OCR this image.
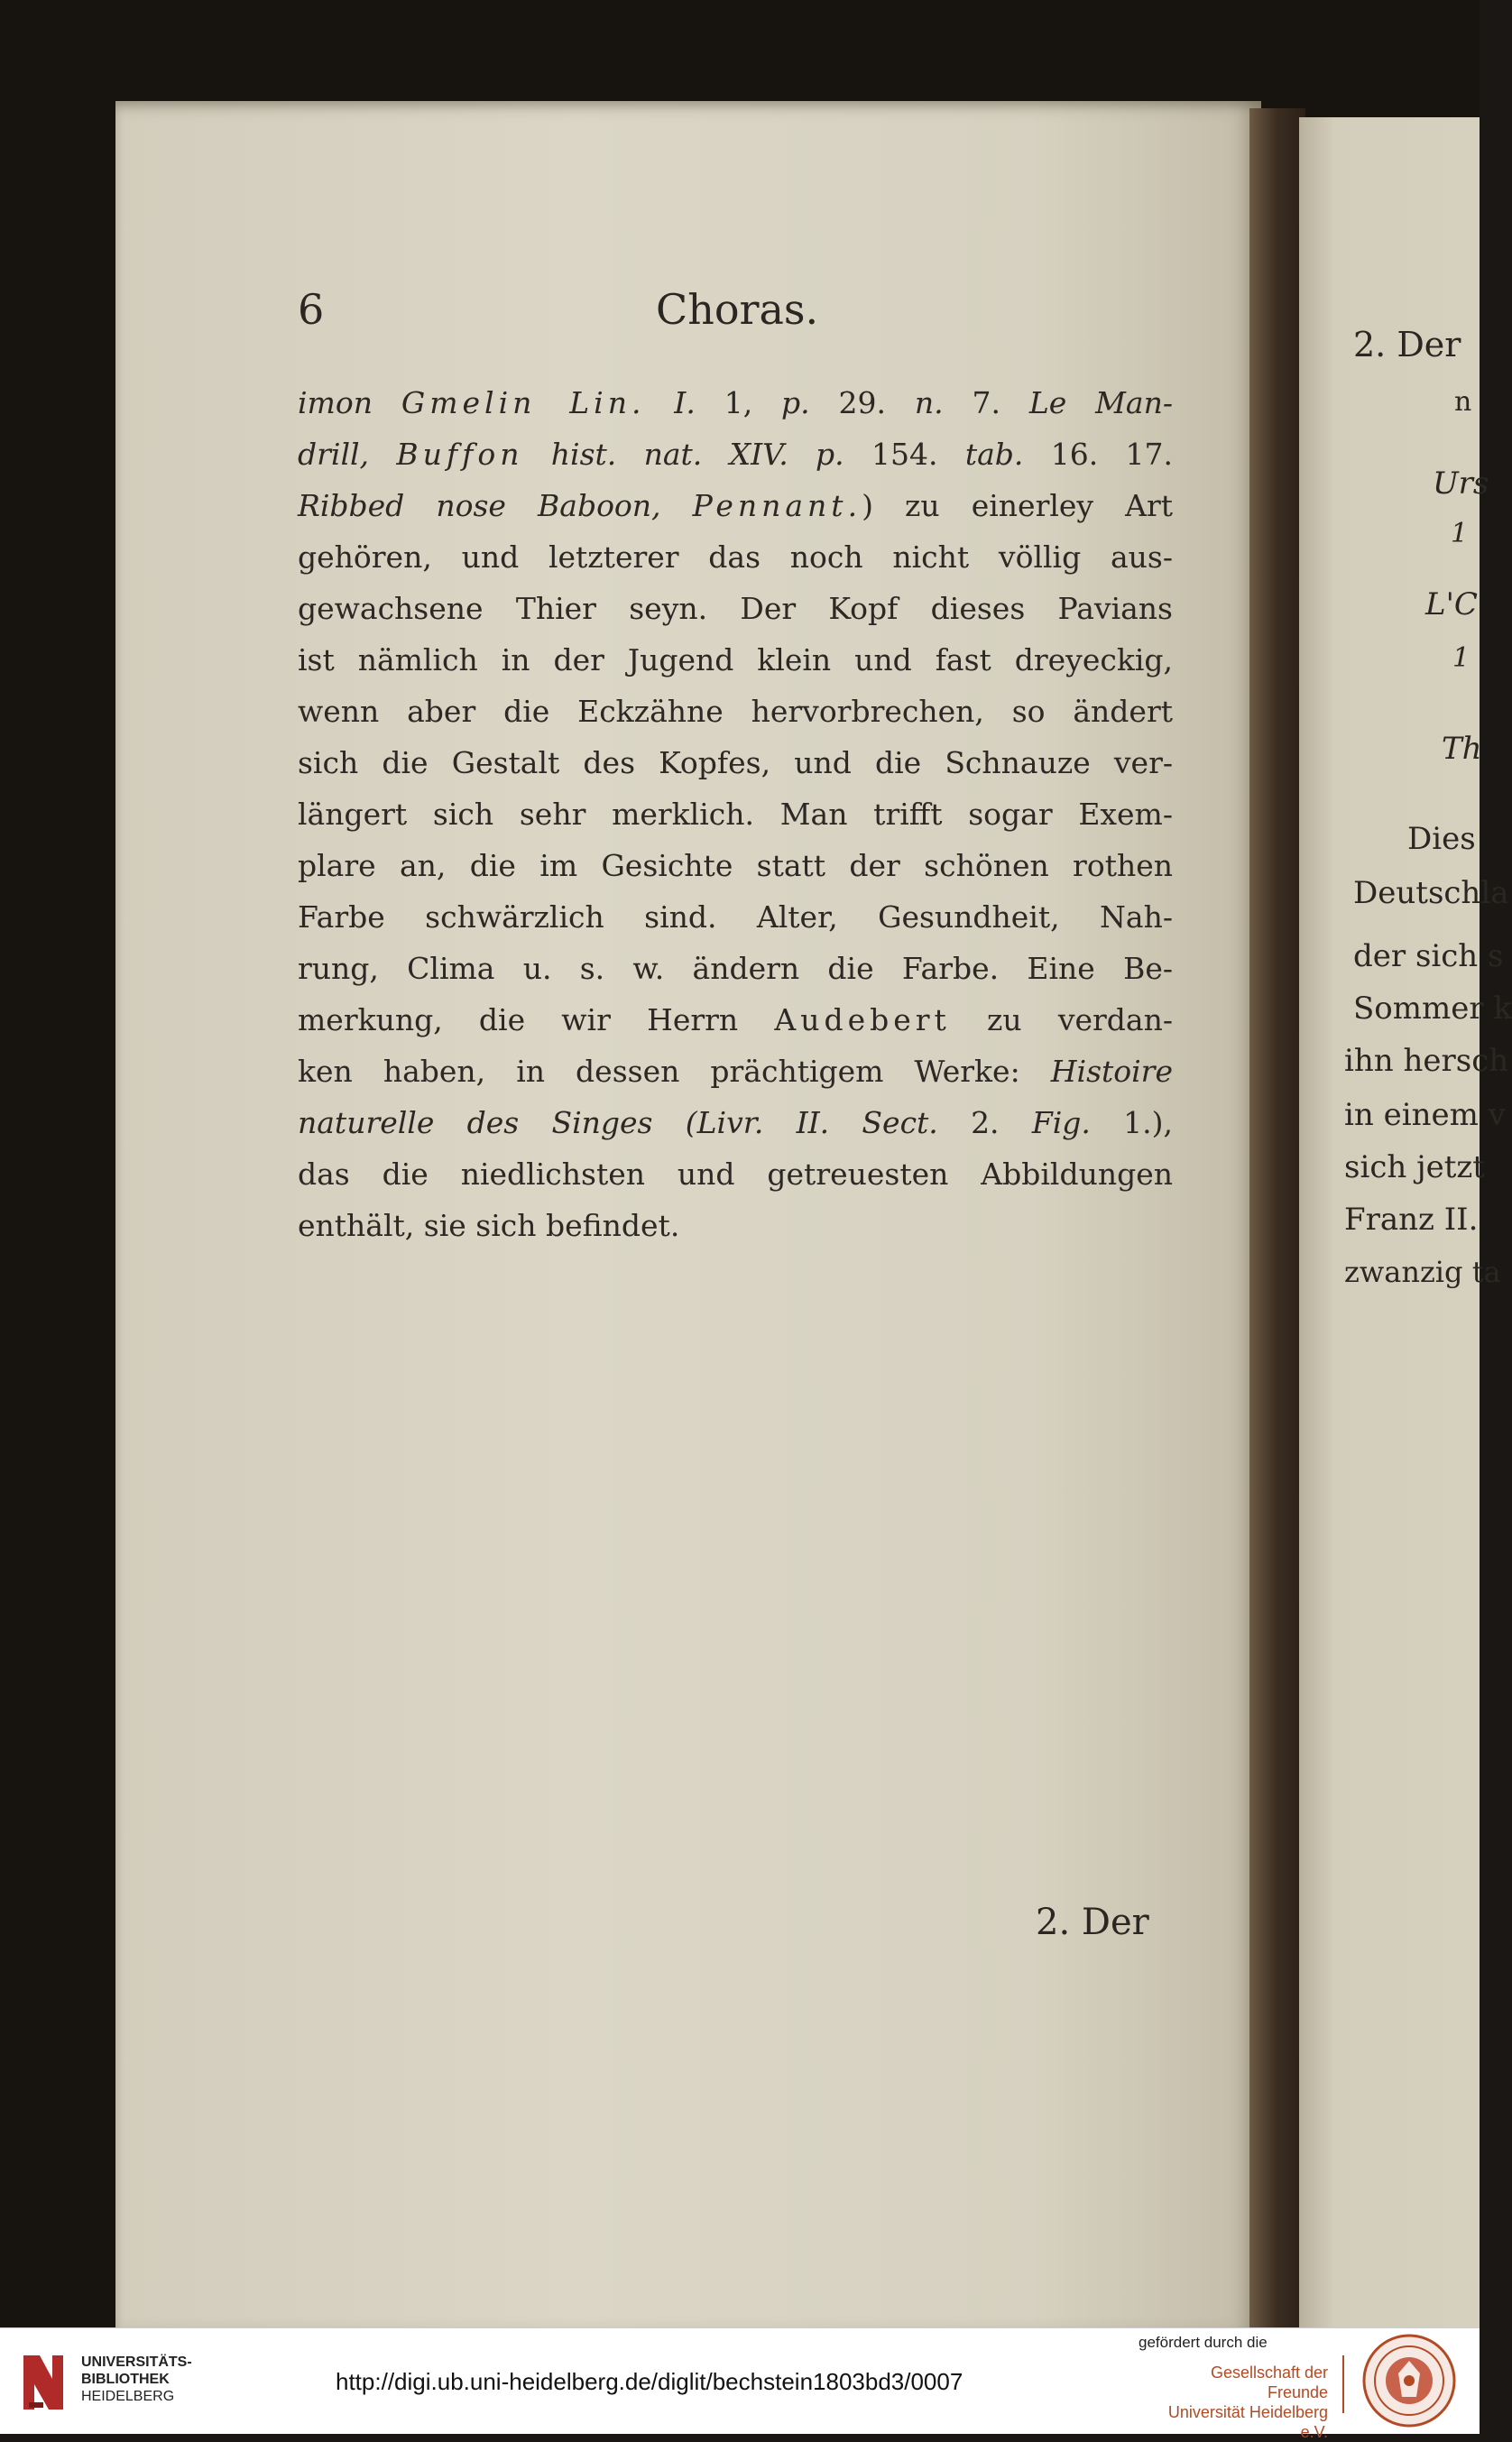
6	Choras.
imon Gmelin Lin. I. 1, p. 29. n. 7. Le Man-
drill, Buffon hist. nat. XIV. p. 154. tab. 16. 17.
Ribbed nose Baboon, Pennant.) zu einerley Art
gehören, und letzterer das noch nicht völlig aus-
gewachsene Thier seyn. Der Kopf dieses Pavians
ist nämlich in der Jugend klein und fast dreyeckig,
wenn aber die Eckzähne hervorbrechen, so ändert
sich die Gestalt des Kopfes, und die Schnauze ver-
längert sich sehr merklich. Man trifft sogar Exem-
plare an, die im Gesichte statt der schönen rothen
Farbe schwärzlich sind. Alter, Gesundheit, Nah-
rung, Clima u. s. w. ändern die Farbe. Eine Be-
merkung, die wir Herrn Audebert zu verdan-
ken haben, in dessen prächtigem Werke: Histoire
naturelle des Singes (Livr. II. Sect. 2. Fig. 1.),
das die niedlichsten und getreuesten Abbildungen
enthält, sie sich befindet.
2. Der
2. Der
n
Urs
1
L'C
1
Th
Dies
Deutschla
der sich s
Sommer k
ihn hersch
in einem v
sich jetzt
Franz II.
zwanzig ta
UNIVERSITÄTS-
BIBLIOTHEK
HEIDELBERG
http://digi.ub.uni-heidelberg.de/diglit/bechstein1803bd3/0007
gefördert durch die
Gesellschaft der Freunde
Universität Heidelberg e.V.
